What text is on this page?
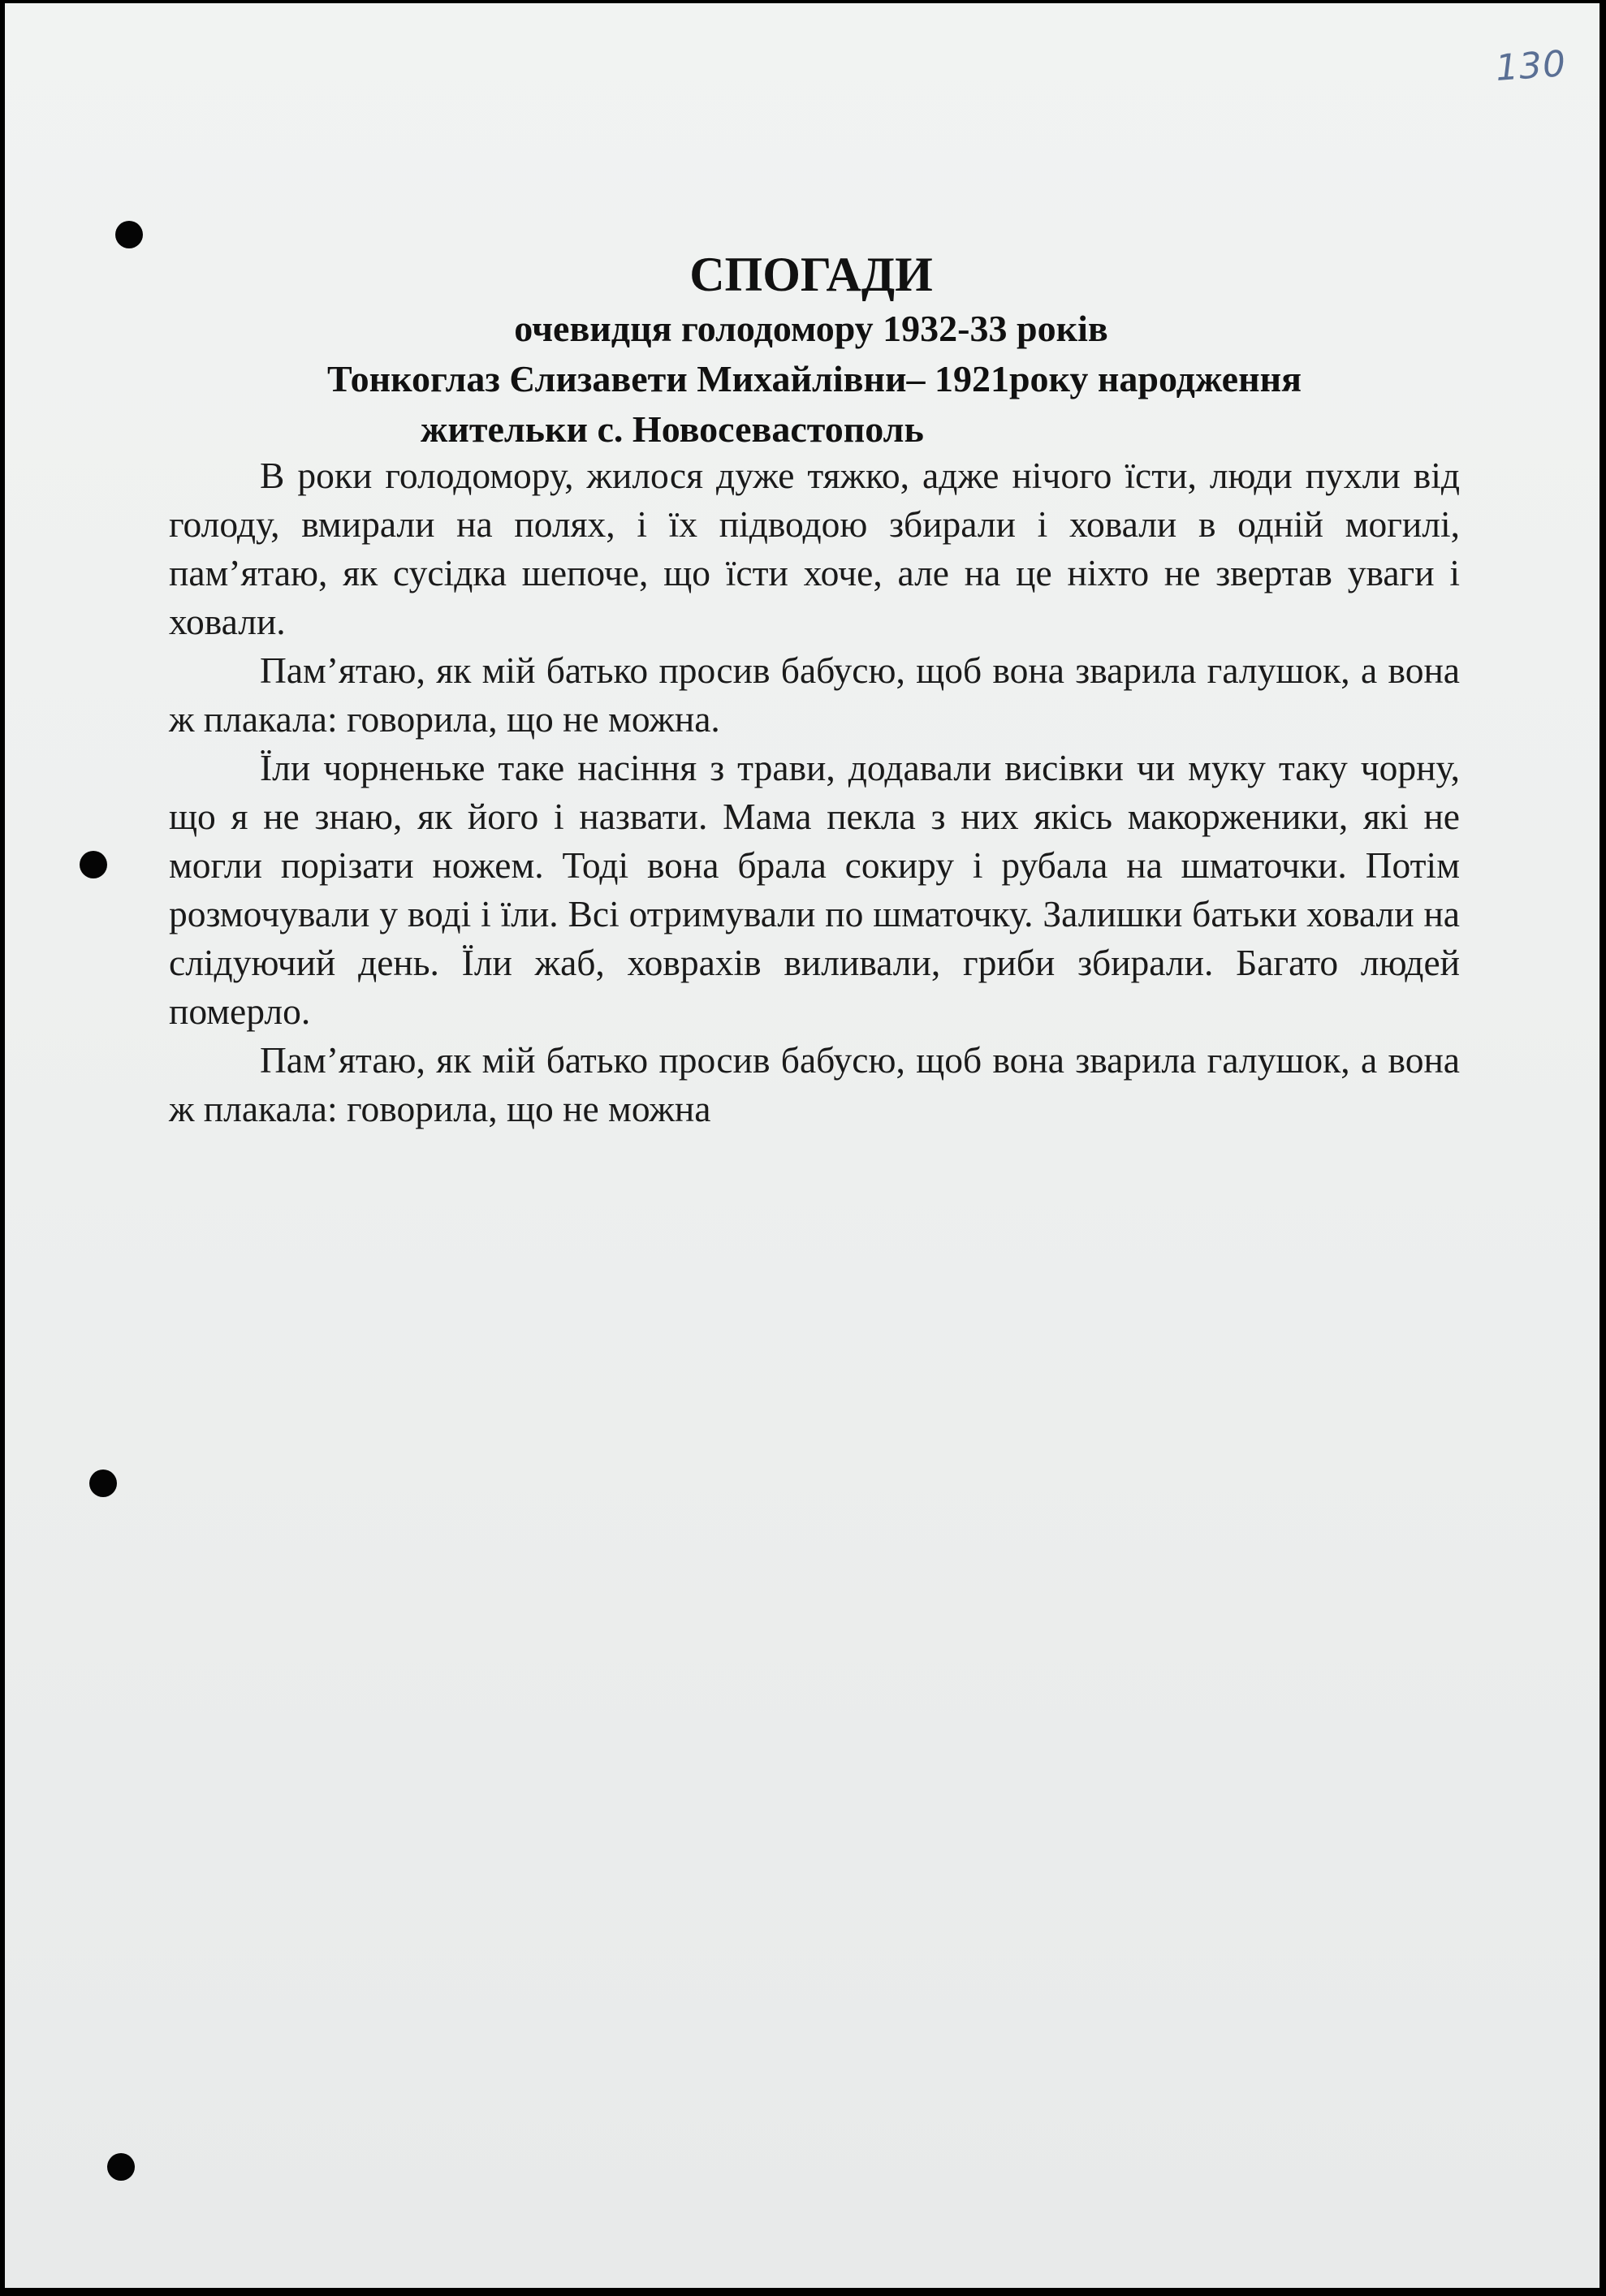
130
СПОГАДИ
очевидця голодомору 1932-33 років
Тонкоглаз Єлизавети Михайлівни– 1921року народження
жительки с. Новосевастополь

В роки голодомору, жилося дуже тяжко, адже нічого їсти, люди пухли від голоду, вмирали на полях, і їх підводою збирали і ховали в одній могилі, пам’ятаю, як сусідка шепоче, що їсти хоче, але на це ніхто не звертав уваги і ховали.

Пам’ятаю, як мій батько просив бабусю, щоб вона зварила галушок, а вона ж плакала: говорила, що не можна.

Їли чорненьке таке насіння з трави, додавали висівки чи муку таку чорну, що я не знаю, як його і назвати. Мама пекла з них якісь макорженики, які не могли порізати ножем. Тоді вона брала сокиру і рубала на шматочки. Потім розмочували у воді і їли. Всі отримували по шматочку. Залишки батьки ховали на слідуючий день. Їли жаб, ховрахів виливали, гриби збирали. Багато людей померло.

Пам’ятаю, як мій батько просив бабусю, щоб вона зварила галушок, а вона ж плакала: говорила, що не можна
